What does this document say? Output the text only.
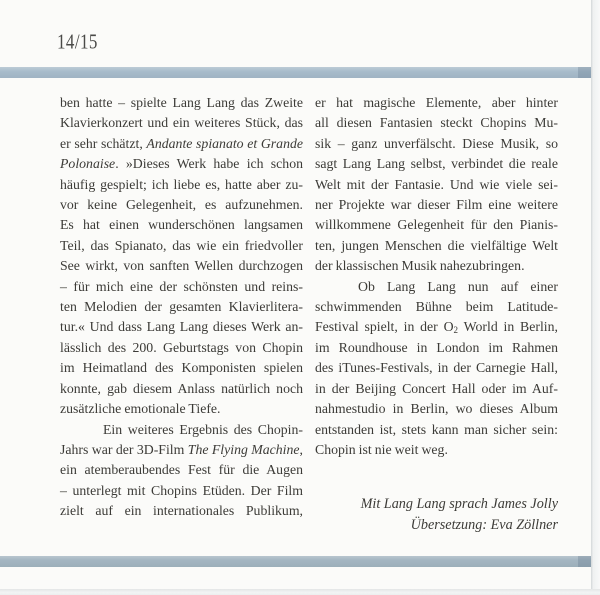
14/15
ben hatte – spielte Lang Lang das Zweite
Klavierkonzert und ein weiteres Stück, das
er sehr schätzt, Andante spianato et Grande
Polonaise. »Dieses Werk habe ich schon
häufig gespielt; ich liebe es, hatte aber zu-
vor keine Gelegenheit, es aufzunehmen.
Es hat einen wunderschönen langsamen
Teil, das Spianato, das wie ein friedvoller
See wirkt, von sanften Wellen durchzogen
– für mich eine der schönsten und reins-
ten Melodien der gesamten Klavierlitera-
tur.« Und dass Lang Lang dieses Werk an-
lässlich des 200. Geburtstags von Chopin
im Heimatland des Komponisten spielen
konnte, gab diesem Anlass natürlich noch
zusätzliche emotionale Tiefe.
Ein weiteres Ergebnis des Chopin-
Jahrs war der 3D-Film The Flying Machine,
ein atemberaubendes Fest für die Augen
– unterlegt mit Chopins Etüden. Der Film
zielt auf ein internationales Publikum,
er hat magische Elemente, aber hinter
all diesen Fantasien steckt Chopins Mu-
sik – ganz unverfälscht. Diese Musik, so
sagt Lang Lang selbst, verbindet die reale
Welt mit der Fantasie. Und wie viele sei-
ner Projekte war dieser Film eine weitere
willkommene Gelegenheit für den Pianis-
ten, jungen Menschen die vielfältige Welt
der klassischen Musik nahezubringen.
Ob Lang Lang nun auf einer
schwimmenden Bühne beim Latitude-
Festival spielt, in der $O_2$ World in Berlin,
im Roundhouse in London im Rahmen
des iTunes-Festivals, in der Carnegie Hall,
in der Beijing Concert Hall oder im Auf-
nahmestudio in Berlin, wo dieses Album
entstanden ist, stets kann man sicher sein:
Chopin ist nie weit weg.
Mit Lang Lang sprach James Jolly
Übersetzung: Eva Zöllner
